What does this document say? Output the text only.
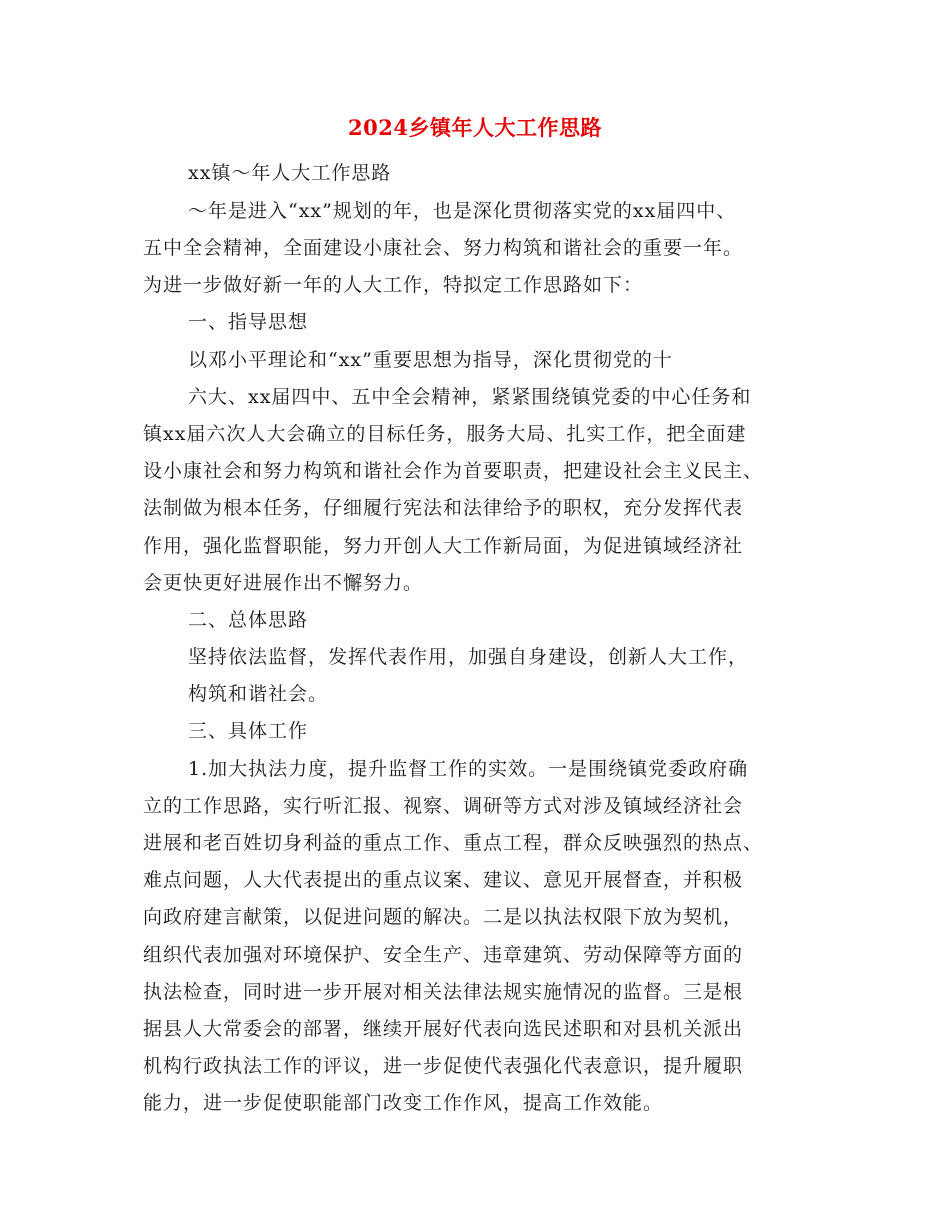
2024乡镇年人大工作思路
xx镇～年人大工作思路
～年是进入“xx”规划的年，也是深化贯彻落实党的xx届四中、
五中全会精神，全面建设小康社会、努力构筑和谐社会的重要一年。
为进一步做好新一年的人大工作，特拟定工作思路如下：
一、指导思想
以邓小平理论和“xx”重要思想为指导，深化贯彻党的十
六大、xx届四中、五中全会精神，紧紧围绕镇党委的中心任务和
镇xx届六次人大会确立的目标任务，服务大局、扎实工作，把全面建
设小康社会和努力构筑和谐社会作为首要职责，把建设社会主义民主、
法制做为根本任务，仔细履行宪法和法律给予的职权，充分发挥代表
作用，强化监督职能，努力开创人大工作新局面，为促进镇域经济社
会更快更好进展作出不懈努力。
二、总体思路
坚持依法监督，发挥代表作用，加强自身建设，创新人大工作，
构筑和谐社会。
三、具体工作
1.加大执法力度，提升监督工作的实效。一是围绕镇党委政府确
立的工作思路，实行听汇报、视察、调研等方式对涉及镇域经济社会
进展和老百姓切身利益的重点工作、重点工程，群众反映强烈的热点、
难点问题，人大代表提出的重点议案、建议、意见开展督查，并积极
向政府建言献策，以促进问题的解决。二是以执法权限下放为契机，
组织代表加强对环境保护、安全生产、违章建筑、劳动保障等方面的
执法检查，同时进一步开展对相关法律法规实施情况的监督。三是根
据县人大常委会的部署，继续开展好代表向选民述职和对县机关派出
机构行政执法工作的评议，进一步促使代表强化代表意识，提升履职
能力，进一步促使职能部门改变工作作风，提高工作效能。
